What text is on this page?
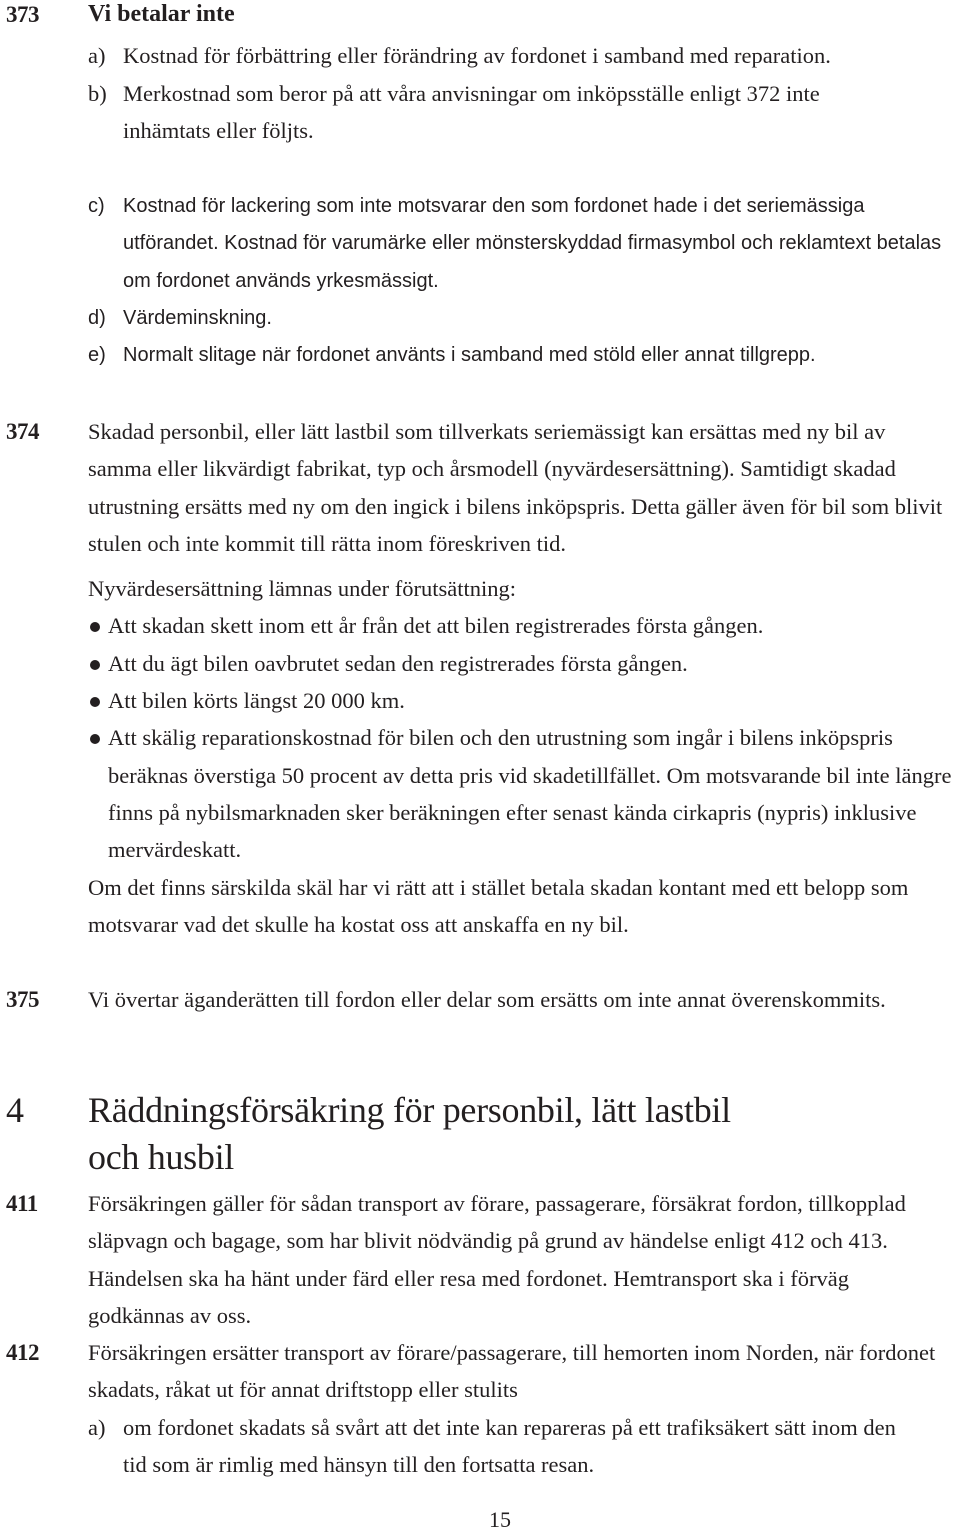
373	Vi betalar inte
a) Kostnad för förbättring eller förändring av fordonet i samband med reparation.
b) Merkostnad som beror på att våra anvisningar om inköpsställe enligt 372 inte inhämtats eller följts.
c) Kostnad för lackering som inte motsvarar den som fordonet hade i det seriemässiga utförandet. Kostnad för varumärke eller mönsterskyddad firmasymbol och reklamtext betalas om fordonet används yrkesmässigt.
d) Värdeminskning.
e) Normalt slitage när fordonet använts i samband med stöld eller annat tillgrepp.
374	Skadad personbil, eller lätt lastbil som tillverkats seriemässigt kan ersättas med ny bil av samma eller likvärdigt fabrikat, typ och årsmodell (nyvärdesersättning). Samtidigt skadad utrustning ersätts med ny om den ingick i bilens inköpspris. Detta gäller även för bil som blivit stulen och inte kommit till rätta inom föreskriven tid.

Nyvärdesersättning lämnas under förutsättning:

Att skadan skett inom ett år från det att bilen registrerades första gången.
Att du ägt bilen oavbrutet sedan den registrerades första gången.
Att bilen körts längst 20 000 km.
Att skälig reparationskostnad för bilen och den utrustning som ingår i bilens inköpspris beräknas överstiga 50 procent av detta pris vid skadetillfället. Om motsvarande bil inte längre finns på nybilsmarknaden sker beräkningen efter senast kända cirkapris (nypris) inklusive mervärdeskatt.

Om det finns särskilda skäl har vi rätt att i stället betala skadan kontant med ett belopp som motsvarar vad det skulle ha kostat oss att anskaffa en ny bil.

375	Vi övertar äganderätten till fordon eller delar som ersätts om inte annat överenskommits.

4 Räddningsförsäkring för personbil, lätt lastbil
och husbil
411	Försäkringen gäller för sådan transport av förare, passagerare, försäkrat fordon, tillkopplad släpvagn och bagage, som har blivit nödvändig på grund av händelse enligt 412 och 413. Händelsen ska ha hänt under färd eller resa med fordonet. Hemtransport ska i förväg godkännas av oss.

412	Försäkringen ersätter transport av förare/passagerare, till hemorten inom Norden, när fordonet skadats, råkat ut för annat driftstopp eller stulits

a) om fordonet skadats så svårt att det inte kan repareras på ett trafiksäkert sätt inom den tid som är rimlig med hänsyn till den fortsatta resan.
15
